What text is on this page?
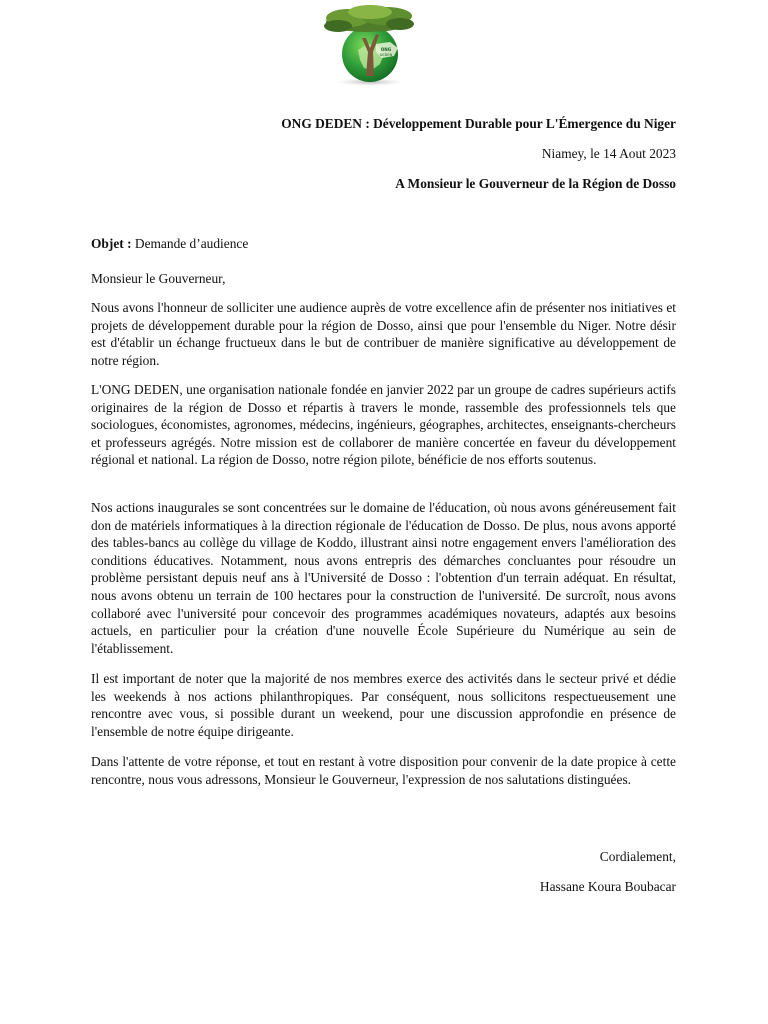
ONG
DEDEN
ONG DEDEN : Développement Durable pour L'Émergence du Niger
Niamey, le 14 Aout 2023
A Monsieur le Gouverneur de la Région de Dosso
Objet : Demande d’audience
Monsieur le Gouverneur,

Nous avons l'honneur de solliciter une audience auprès de votre excellence afin de présenter nos initiatives et projets de développement durable pour la région de Dosso, ainsi que pour l'ensemble du Niger. Notre désir est d'établir un échange fructueux dans le but de contribuer de manière significative au développement de notre région.

L'ONG DEDEN, une organisation nationale fondée en janvier 2022 par un groupe de cadres supérieurs actifs originaires de la région de Dosso et répartis à travers le monde, rassemble des professionnels tels que sociologues, économistes, agronomes, médecins, ingénieurs, géographes, architectes, enseignants-chercheurs et professeurs agrégés. Notre mission est de collaborer de manière concertée en faveur du développement régional et national. La région de Dosso, notre région pilote, bénéficie de nos efforts soutenus.

Nos actions inaugurales se sont concentrées sur le domaine de l'éducation, où nous avons généreusement fait don de matériels informatiques à la direction régionale de l'éducation de Dosso. De plus, nous avons apporté des tables-bancs au collège du village de Koddo, illustrant ainsi notre engagement envers l'amélioration des conditions éducatives. Notamment, nous avons entrepris des démarches concluantes pour résoudre un problème persistant depuis neuf ans à l'Université de Dosso : l'obtention d'un terrain adéquat. En résultat, nous avons obtenu un terrain de 100 hectares pour la construction de l'université. De surcroît, nous avons collaboré avec l'université pour concevoir des programmes académiques novateurs, adaptés aux besoins actuels, en particulier pour la création d'une nouvelle École Supérieure du Numérique au sein de l'établissement.

Il est important de noter que la majorité de nos membres exerce des activités dans le secteur privé et dédie les weekends à nos actions philanthropiques. Par conséquent, nous sollicitons respectueusement une rencontre avec vous, si possible durant un weekend, pour une discussion approfondie en présence de l'ensemble de notre équipe dirigeante.

Dans l'attente de votre réponse, et tout en restant à votre disposition pour convenir de la date propice à cette rencontre, nous vous adressons, Monsieur le Gouverneur, l'expression de nos salutations distinguées.

Cordialement,
Hassane Koura Boubacar
